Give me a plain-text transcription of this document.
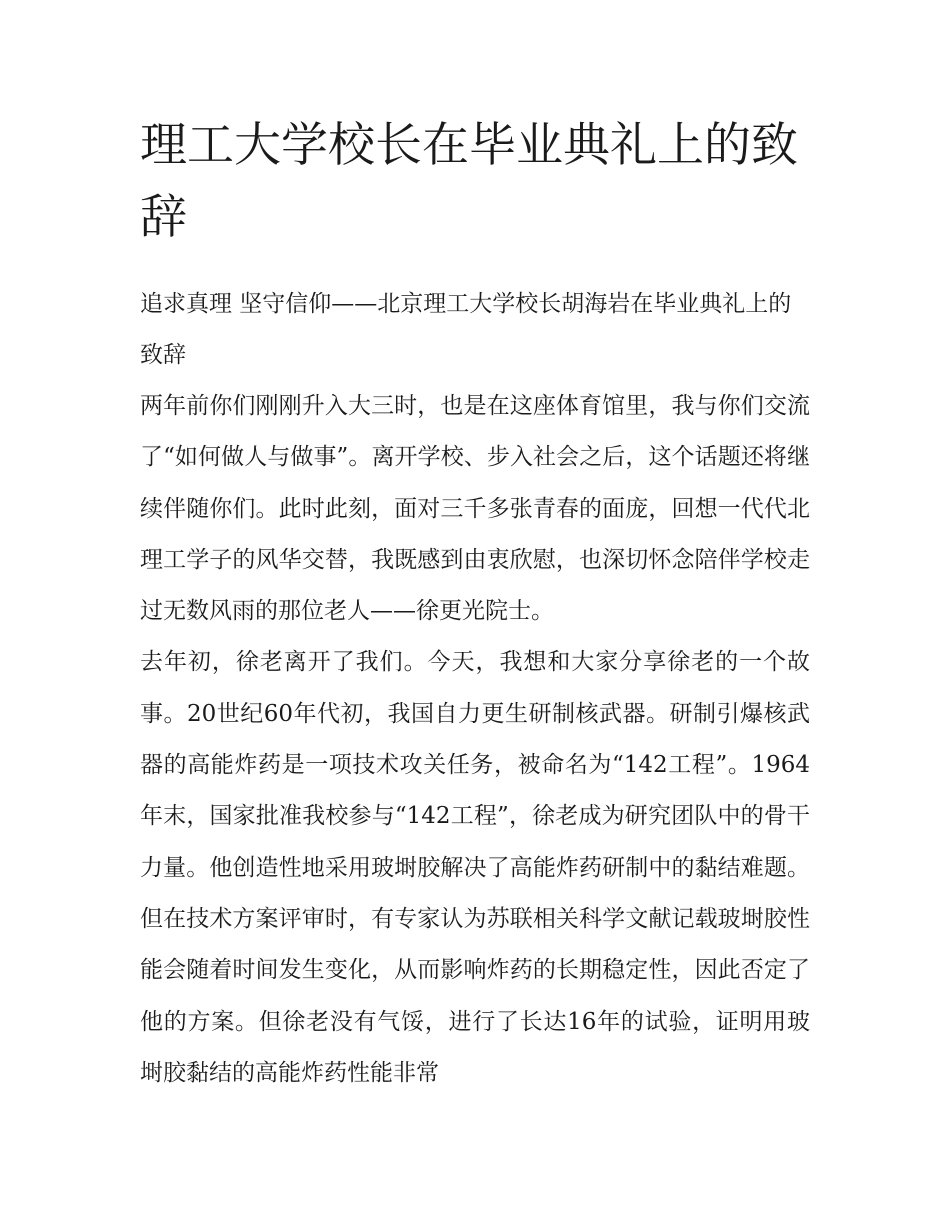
理工大学校长在毕业典礼上的致辞

追求真理 坚守信仰——北京理工大学校长胡海岩在毕业典礼上的致辞

两年前你们刚刚升入大三时，也是在这座体育馆里，我与你们交流了“如何做人与做事”。离开学校、步入社会之后，这个话题还将继续伴随你们。此时此刻，面对三千多张青春的面庞，回想一代代北理工学子的风华交替，我既感到由衷欣慰，也深切怀念陪伴学校走过无数风雨的那位老人——徐更光院士。

去年初，徐老离开了我们。今天，我想和大家分享徐老的一个故事。20世纪60年代初，我国自力更生研制核武器。研制引爆核武器的高能炸药是一项技术攻关任务，被命名为“142工程”。1964年末，国家批准我校参与“142工程”，徐老成为研究团队中的骨干力量。他创造性地采用玻埘胶解决了高能炸药研制中的黏结难题。但在技术方案评审时，有专家认为苏联相关科学文献记载玻埘胶性能会随着时间发生变化，从而影响炸药的长期稳定性，因此否定了他的方案。但徐老没有气馁，进行了长达16年的试验，证明用玻埘胶黏结的高能炸药性能非常
